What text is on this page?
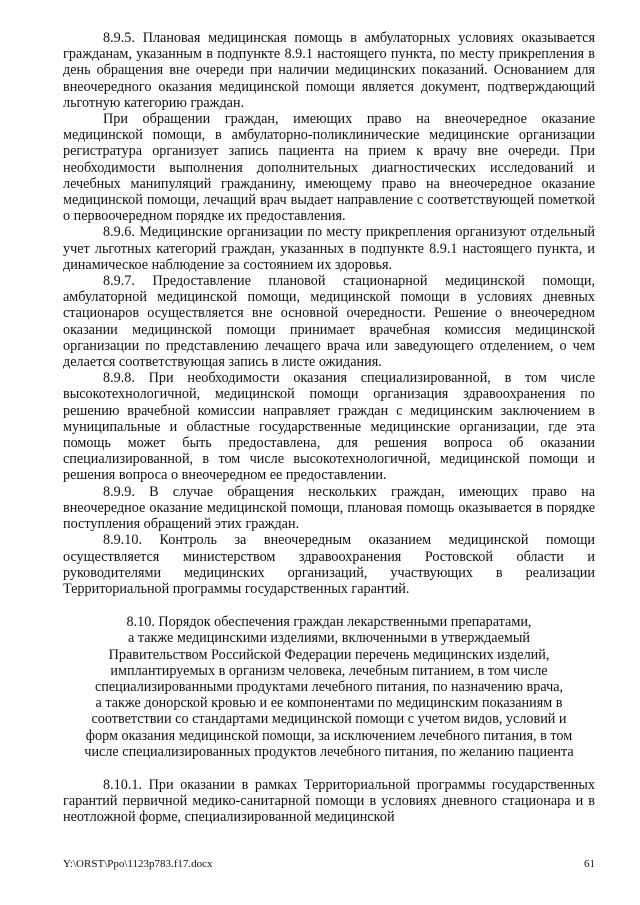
8.9.5. Плановая медицинская помощь в амбулаторных условиях оказывается гражданам, указанным в подпункте 8.9.1 настоящего пункта, по месту прикрепления в день обращения вне очереди при наличии медицинских показаний. Основанием для внеочередного оказания медицинской помощи является документ, подтверждающий льготную категорию граждан.

При обращении граждан, имеющих право на внеочередное оказание медицинской помощи, в амбулаторно-поликлинические медицинские организации регистратура организует запись пациента на прием к врачу вне очереди. При необходимости выполнения дополнительных диагностических исследований и лечебных манипуляций гражданину, имеющему право на внеочередное оказание медицинской помощи, лечащий врач выдает направление с соответствующей пометкой о первоочередном порядке их предоставления.

8.9.6. Медицинские организации по месту прикрепления организуют отдельный учет льготных категорий граждан, указанных в подпункте 8.9.1 настоящего пункта, и динамическое наблюдение за состоянием их здоровья.

8.9.7. Предоставление плановой стационарной медицинской помощи, амбулаторной медицинской помощи, медицинской помощи в условиях дневных стационаров осуществляется вне основной очередности. Решение о внеочередном оказании медицинской помощи принимает врачебная комиссия медицинской организации по представлению лечащего врача или заведующего отделением, о чем делается соответствующая запись в листе ожидания.

8.9.8. При необходимости оказания специализированной, в том числе высокотехнологичной, медицинской помощи организация здравоохранения по решению врачебной комиссии направляет граждан с медицинским заключением в муниципальные и областные государственные медицинские организации, где эта помощь может быть предоставлена, для решения вопроса об оказании специализированной, в том числе высокотехнологичной, медицинской помощи и решения вопроса о внеочередном ее предоставлении.

8.9.9. В случае обращения нескольких граждан, имеющих право на внеочередное оказание медицинской помощи, плановая помощь оказывается в порядке поступления обращений этих граждан.

8.9.10. Контроль за внеочередным оказанием медицинской помощи осуществляется министерством здравоохранения Ростовской области и руководителями медицинских организаций, участвующих в реализации Территориальной программы государственных гарантий.

8.10. Порядок обеспечения граждан лекарственными препаратами,
а также медицинскими изделиями, включенными в утверждаемый
Правительством Российской Федерации перечень медицинских изделий,
имплантируемых в организм человека, лечебным питанием, в том числе
специализированными продуктами лечебного питания, по назначению врача,
а также донорской кровью и ее компонентами по медицинским показаниям в
соответствии со стандартами медицинской помощи с учетом видов, условий и
форм оказания медицинской помощи, за исключением лечебного питания, в том
числе специализированных продуктов лечебного питания, по желанию пациента

8.10.1. При оказании в рамках Территориальной программы государственных гарантий первичной медико-санитарной помощи в условиях дневного стационара и в неотложной форме, специализированной медицинской

Y:\ORST\Ppo\1123p783.f17.docx	61
